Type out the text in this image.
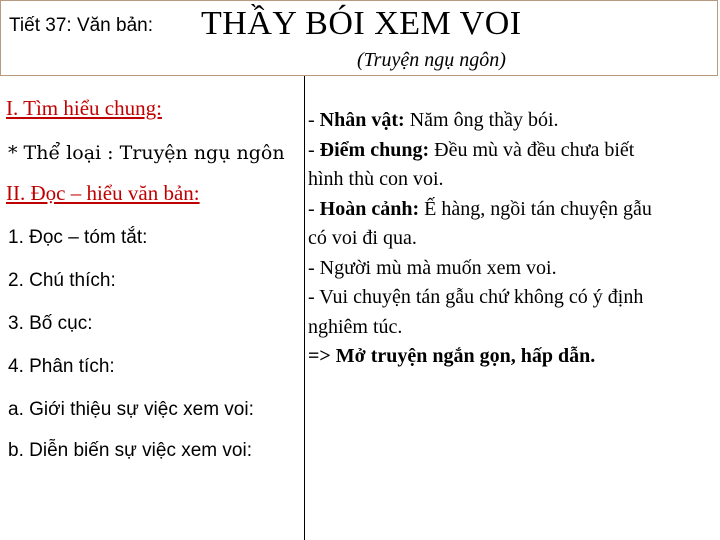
Tiết 37: Văn bản: THẦY BÓI XEM VOI
(Truyện ngụ ngôn)
I. Tìm hiểu chung:
* Thể loại : Truyện ngụ ngôn
II. Đọc – hiểu văn bản:
1. Đọc – tóm tắt:
2. Chú thích:
3. Bố cục:
4. Phân tích:
a. Giới thiệu sự việc xem voi:
b. Diễn biến sự việc xem voi:

- Nhân vật: Năm ông thầy bói.

- Điểm chung: Đều mù và đều chưa biết

hình thù con voi.

- Hoàn cảnh: Ế hàng, ngồi tán chuyện gẫu

có voi đi qua.

- Người mù mà muốn xem voi.

- Vui chuyện tán gẫu chứ không có ý định

nghiêm túc.

=> Mở truyện ngắn gọn, hấp dẫn.
